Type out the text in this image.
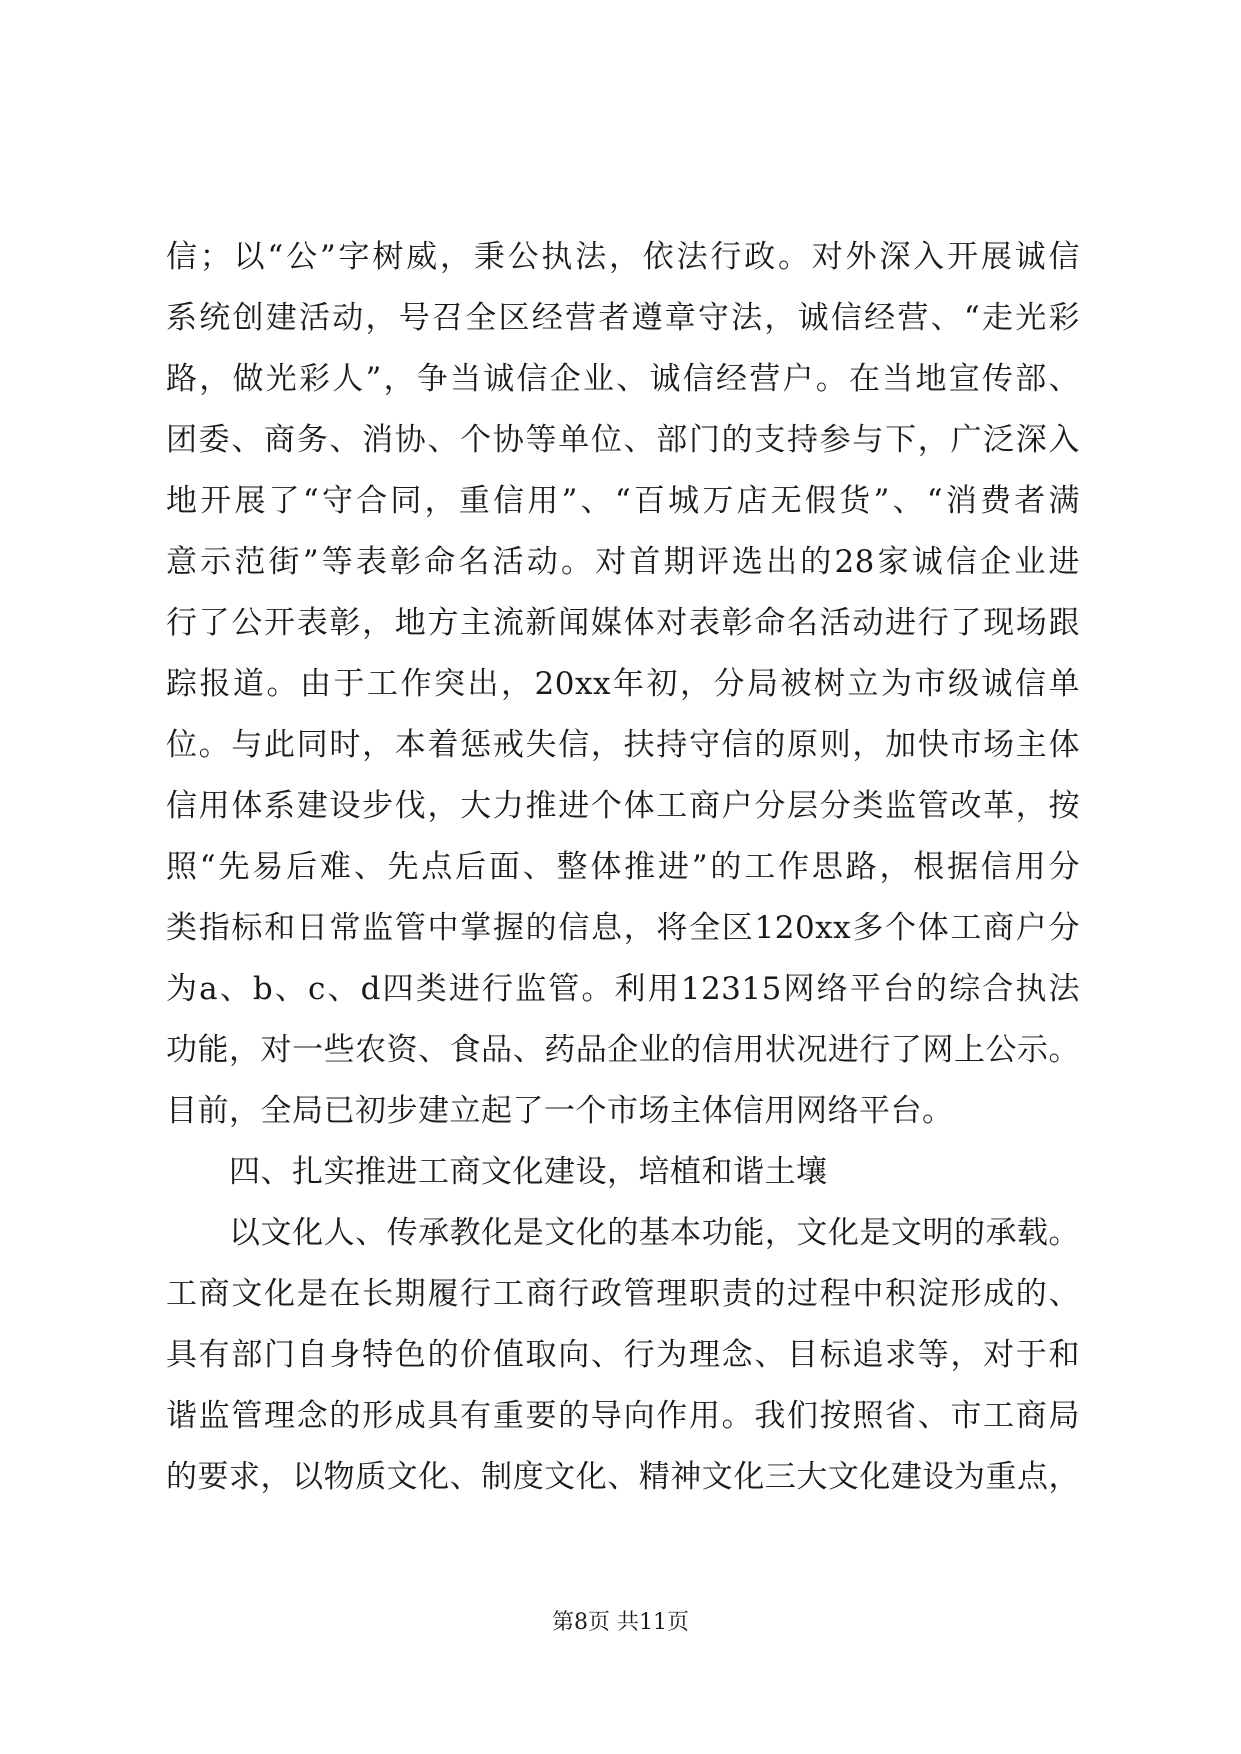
信；以“公”字树威，秉公执法，依法行政。对外深入开展诚信
系统创建活动，号召全区经营者遵章守法，诚信经营、“走光彩
路，做光彩人”，争当诚信企业、诚信经营户。在当地宣传部、
团委、商务、消协、个协等单位、部门的支持参与下，广泛深入
地开展了“守合同，重信用”、“百城万店无假货”、“消费者满
意示范街”等表彰命名活动。对首期评选出的28家诚信企业进
行了公开表彰，地方主流新闻媒体对表彰命名活动进行了现场跟
踪报道。由于工作突出，20xx年初，分局被树立为市级诚信单
位。与此同时，本着惩戒失信，扶持守信的原则，加快市场主体
信用体系建设步伐，大力推进个体工商户分层分类监管改革，按
照“先易后难、先点后面、整体推进”的工作思路，根据信用分
类指标和日常监管中掌握的信息，将全区120xx多个体工商户分
为a、b、c、d四类进行监管。利用12315网络平台的综合执法
功能，对一些农资、食品、药品企业的信用状况进行了网上公示。
目前，全局已初步建立起了一个市场主体信用网络平台。
　　四、扎实推进工商文化建设，培植和谐土壤
　　以文化人、传承教化是文化的基本功能，文化是文明的承载。
工商文化是在长期履行工商行政管理职责的过程中积淀形成的、
具有部门自身特色的价值取向、行为理念、目标追求等，对于和
谐监管理念的形成具有重要的导向作用。我们按照省、市工商局
的要求，以物质文化、制度文化、精神文化三大文化建设为重点，
第8页 共11页
